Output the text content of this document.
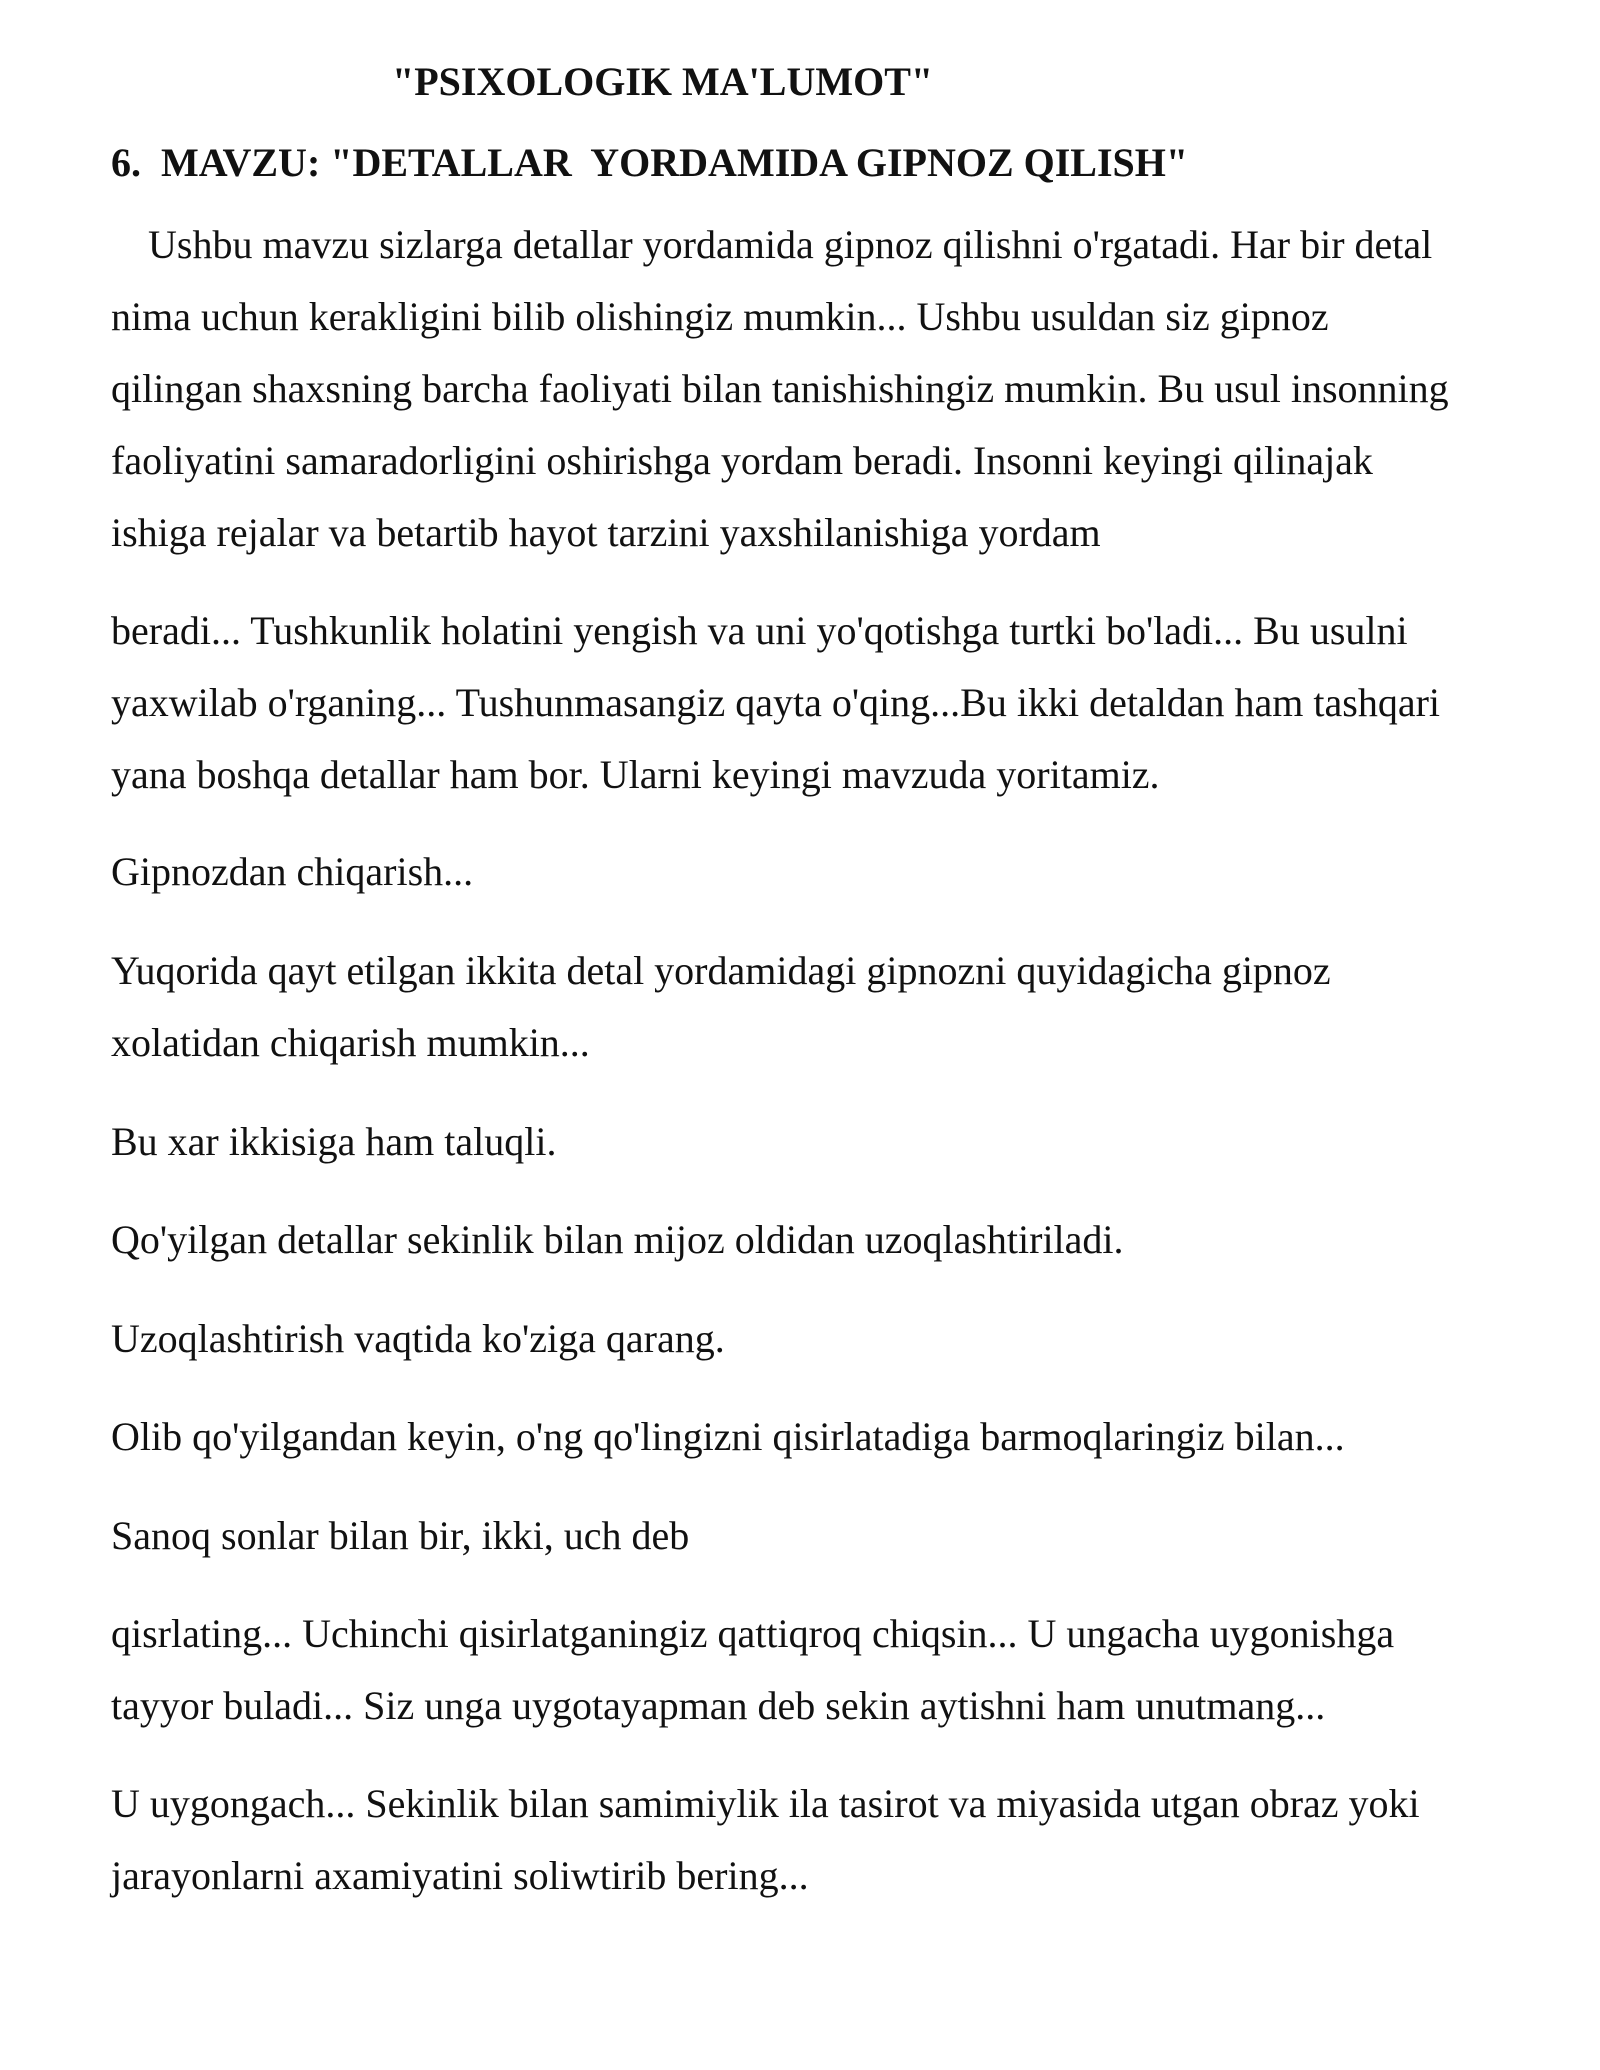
"PSIXOLOGIK MA'LUMOT"
6.  MAVZU: "DETALLAR  YORDAMIDA GIPNOZ QILISH"

Ushbu mavzu sizlarga detallar yordamida gipnoz qilishni o'rgatadi. Har bir detal
nima uchun kerakligini bilib olishingiz mumkin... Ushbu usuldan siz gipnoz
qilingan shaxsning barcha faoliyati bilan tanishishingiz mumkin. Bu usul insonning
faoliyatini samaradorligini oshirishga yordam beradi. Insonni keyingi qilinajak
ishiga rejalar va betartib hayot tarzini yaxshilanishiga yordam

beradi... Tushkunlik holatini yengish va uni yo'qotishga turtki bo'ladi... Bu usulni
yaxwilab o'rganing... Tushunmasangiz qayta o'qing...Bu ikki detaldan ham tashqari
yana boshqa detallar ham bor. Ularni keyingi mavzuda yoritamiz.

Gipnozdan chiqarish...

Yuqorida qayt etilgan ikkita detal yordamidagi gipnozni quyidagicha gipnoz
xolatidan chiqarish mumkin...

Bu xar ikkisiga ham taluqli.

Qo'yilgan detallar sekinlik bilan mijoz oldidan uzoqlashtiriladi.

Uzoqlashtirish vaqtida ko'ziga qarang.

Olib qo'yilgandan keyin, o'ng qo'lingizni qisirlatadiga barmoqlaringiz bilan...

Sanoq sonlar bilan bir, ikki, uch deb

qisrlating... Uchinchi qisirlatganingiz qattiqroq chiqsin... U ungacha uygonishga
tayyor buladi... Siz unga uygotayapman deb sekin aytishni ham unutmang...

U uygongach... Sekinlik bilan samimiylik ila tasirot va miyasida utgan obraz yoki
jarayonlarni axamiyatini soliwtirib bering...
